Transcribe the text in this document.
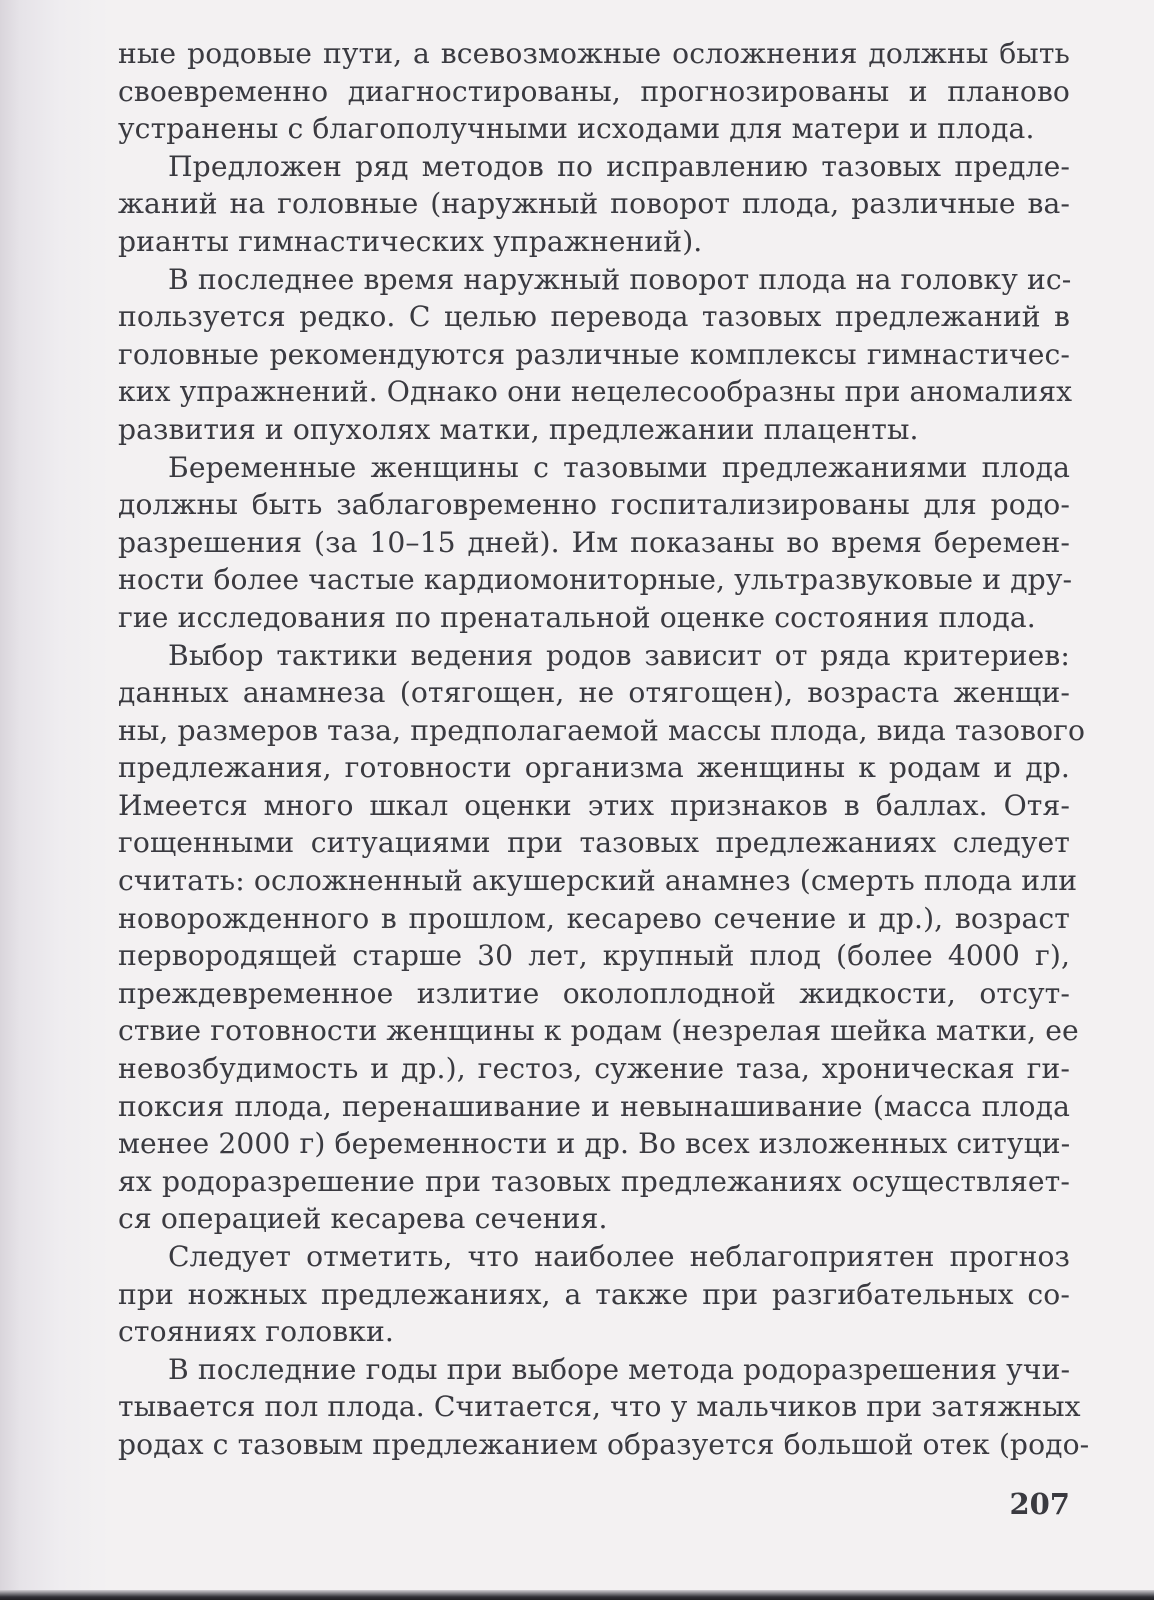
ные родовые пути, а всевозможные осложнения должны быть
своевременно диагностированы, прогнозированы и планово
устранены с благополучными исходами для матери и плода.
Предложен ряд методов по исправлению тазовых предле-
жаний на головные (наружный поворот плода, различные ва-
рианты гимнастических упражнений).
В последнее время наружный поворот плода на головку ис-
пользуется редко. С целью перевода тазовых предлежаний в
головные рекомендуются различные комплексы гимнастичес-
ких упражнений. Однако они нецелесообразны при аномалиях
развития и опухолях матки, предлежании плаценты.
Беременные женщины с тазовыми предлежаниями плода
должны быть заблаговременно госпитализированы для родо-
разрешения (за 10–15 дней). Им показаны во время беремен-
ности более частые кардиомониторные, ультразвуковые и дру-
гие исследования по пренатальной оценке состояния плода.
Выбор тактики ведения родов зависит от ряда критериев:
данных анамнеза (отягощен, не отягощен), возраста женщи-
ны, размеров таза, предполагаемой массы плода, вида тазового
предлежания, готовности организма женщины к родам и др.
Имеется много шкал оценки этих признаков в баллах. Отя-
гощенными ситуациями при тазовых предлежаниях следует
считать: осложненный акушерский анамнез (смерть плода или
новорожденного в прошлом, кесарево сечение и др.), возраст
первородящей старше 30 лет, крупный плод (более 4000 г),
преждевременное излитие околоплодной жидкости, отсут-
ствие готовности женщины к родам (незрелая шейка матки, ее
невозбудимость и др.), гестоз, сужение таза, хроническая ги-
поксия плода, перенашивание и невынашивание (масса плода
менее 2000 г) беременности и др. Во всех изложенных ситуци-
ях родоразрешение при тазовых предлежаниях осуществляет-
ся операцией кесарева сечения.
Следует отметить, что наиболее неблагоприятен прогноз
при ножных предлежаниях, а также при разгибательных со-
стояниях головки.
В последние годы при выборе метода родоразрешения учи-
тывается пол плода. Считается, что у мальчиков при затяжных
родах с тазовым предлежанием образуется большой отек (родо-
207
